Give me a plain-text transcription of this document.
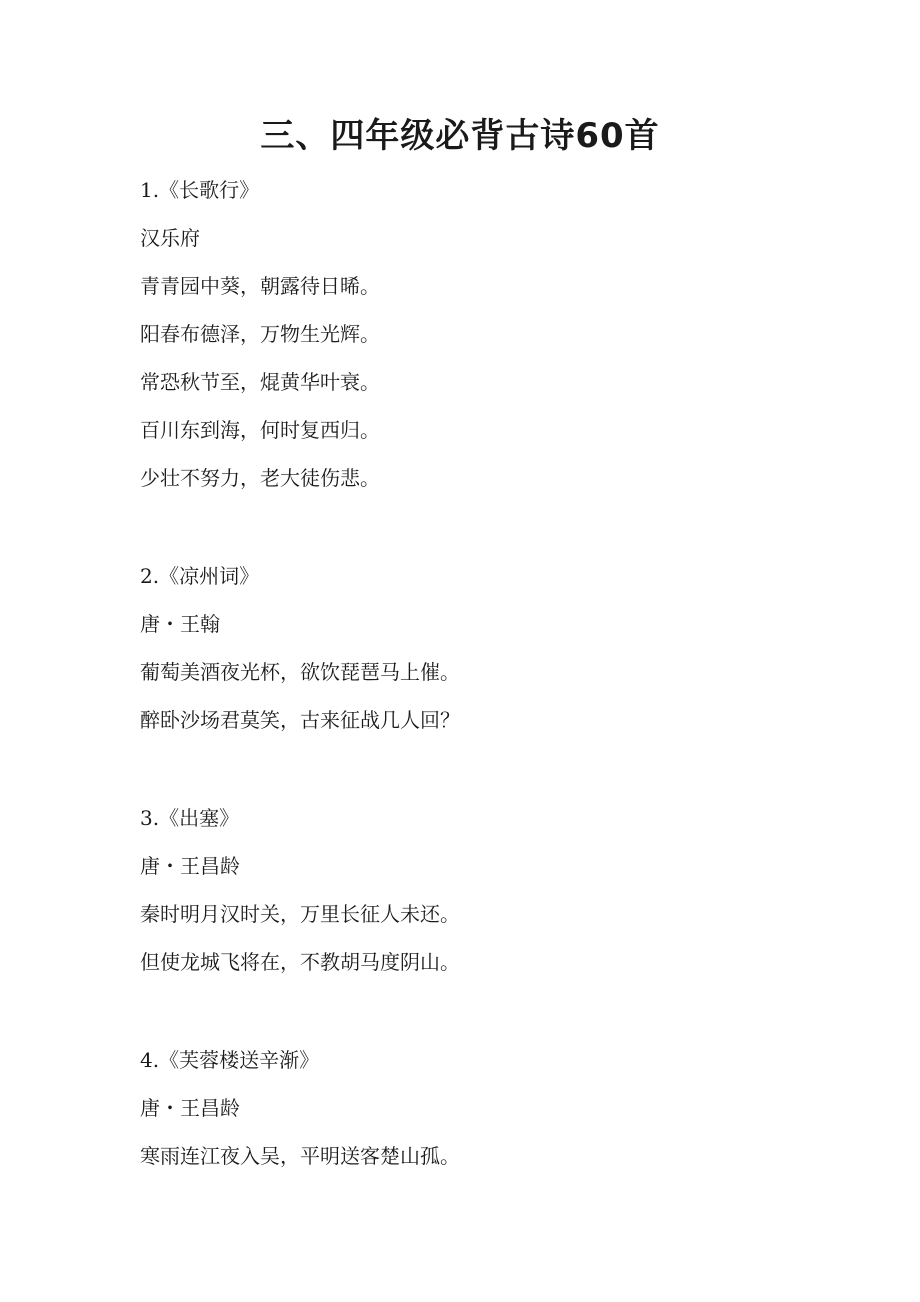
三、四年级必背古诗60首
1.《长歌行》
汉乐府
青青园中葵，朝露待日晞。
阳春布德泽，万物生光辉。
常恐秋节至，焜黄华叶衰。
百川东到海，何时复西归。
少壮不努力，老大徒伤悲。
2.《凉州词》
唐・王翰
葡萄美酒夜光杯，欲饮琵琶马上催。
醉卧沙场君莫笑，古来征战几人回？
3.《出塞》
唐・王昌龄
秦时明月汉时关，万里长征人未还。
但使龙城飞将在，不教胡马度阴山。
4.《芙蓉楼送辛渐》
唐・王昌龄
寒雨连江夜入吴，平明送客楚山孤。
